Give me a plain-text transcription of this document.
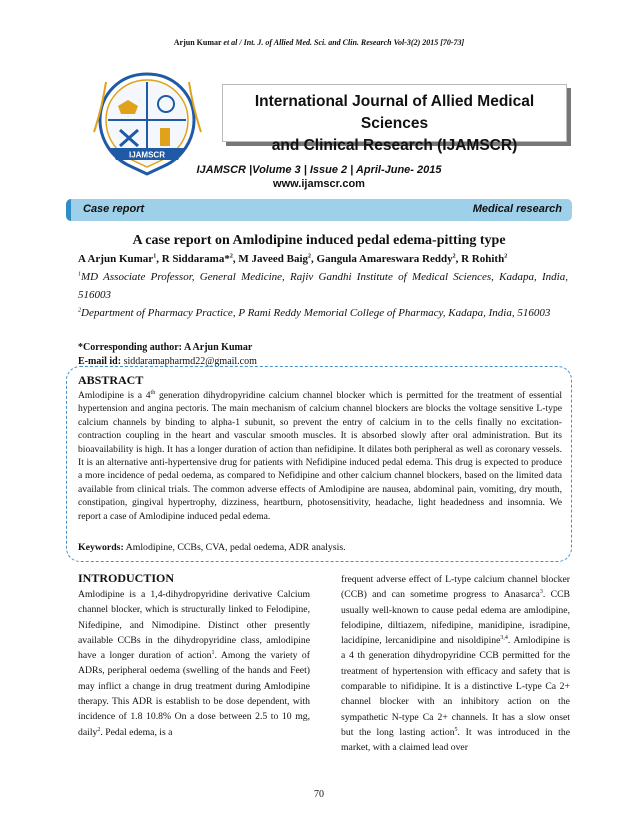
Arjun Kumar et al / Int. J. of Allied Med. Sci. and Clin. Research Vol-3(2) 2015 [70-73]
IJAMSCR
International Journal of Allied Medical Sciences
and Clinical Research (IJAMSCR)
IJAMSCR |Volume 3 | Issue 2 | April-June- 2015
www.ijamscr.com
Case report	Medical research
A case report on Amlodipine induced pedal edema-pitting type
A Arjun Kumar$^1$, R Siddarama*$^2$, M Javeed Baig$^2$, Gangula Amareswara Reddy$^2$, R Rohith$^2$
$^1$MD Associate Professor, General Medicine, Rajiv Gandhi Institute of Medical Sciences, Kadapa, India, 516003
$^2$Department of Pharmacy Practice, P Rami Reddy Memorial College of Pharmacy, Kadapa, India, 516003
*Corresponding author: A Arjun Kumar
E-mail id: siddaramapharmd22@gmail.com
ABSTRACT
Amlodipine is a 4th generation dihydropyridine calcium channel blocker which is permitted for the treatment of essential hypertension and angina pectoris. The main mechanism of calcium channel blockers are blocks the voltage sensitive L-type calcium channels by binding to alpha-1 subunit, so prevent the entry of calcium in to the cells finally no excitation-contraction coupling in the heart and vascular smooth muscles. It is absorbed slowly after oral administration. But its bioavailability is high. It has a longer duration of action than nefidipine. It dilates both peripheral as well as coronary vessels. It is an alternative anti-hypertensive drug for patients with Nefidipine induced pedal edema. This drug is expected to produce a more incidence of pedal oedema, as compared to Nefidipine and other calcium channel blockers, based on the limited data available from clinical trials. The common adverse effects of Amlodipine are nausea, abdominal pain, vomiting, dry mouth, constipation, gingival hypertrophy, dizziness, heartburn, photosensitivity, headache, light headedness and insomnia. We report a case of Amlodipine induced pedal edema.
Keywords: Amlodipine, CCBs, CVA, pedal oedema, ADR analysis.
INTRODUCTION
Amlodipine is a 1,4-dihydropyridine derivative Calcium channel blocker, which is structurally linked to Felodipine, Nifedipine, and Nimodipine. Distinct other presently available CCBs in the dihydropyridine class, amlodipine have a longer duration of action$^1$. Among the variety of ADRs, peripheral oedema (swelling of the hands and Feet) may inflict a change in drug treatment during Amlodipine therapy. This ADR is establish to be dose dependent, with incidence of 1.8 10.8% On a dose between 2.5 to 10 mg, daily$^2$. Pedal edema, is a
frequent adverse effect of L-type calcium channel blocker (CCB) and can sometime progress to Anasarca$^3$. CCB usually well-known to cause pedal edema are amlodipine, felodipine, diltiazem, nifedipine, manidipine, isradipine, lacidipine, lercanidipine and nisoldipine$^{3,4}$. Amlodipine is a 4 th generation dihydropyridine CCB permitted for the treatment of hypertension with efficacy and safety that is comparable to nifidipine. It is a distinctive L-type Ca 2+ channel blocker with an inhibitory action on the sympathetic N-type Ca 2+ channels. It has a slow onset but the long lasting action$^5$. It was introduced in the market, with a claimed lead over
70
